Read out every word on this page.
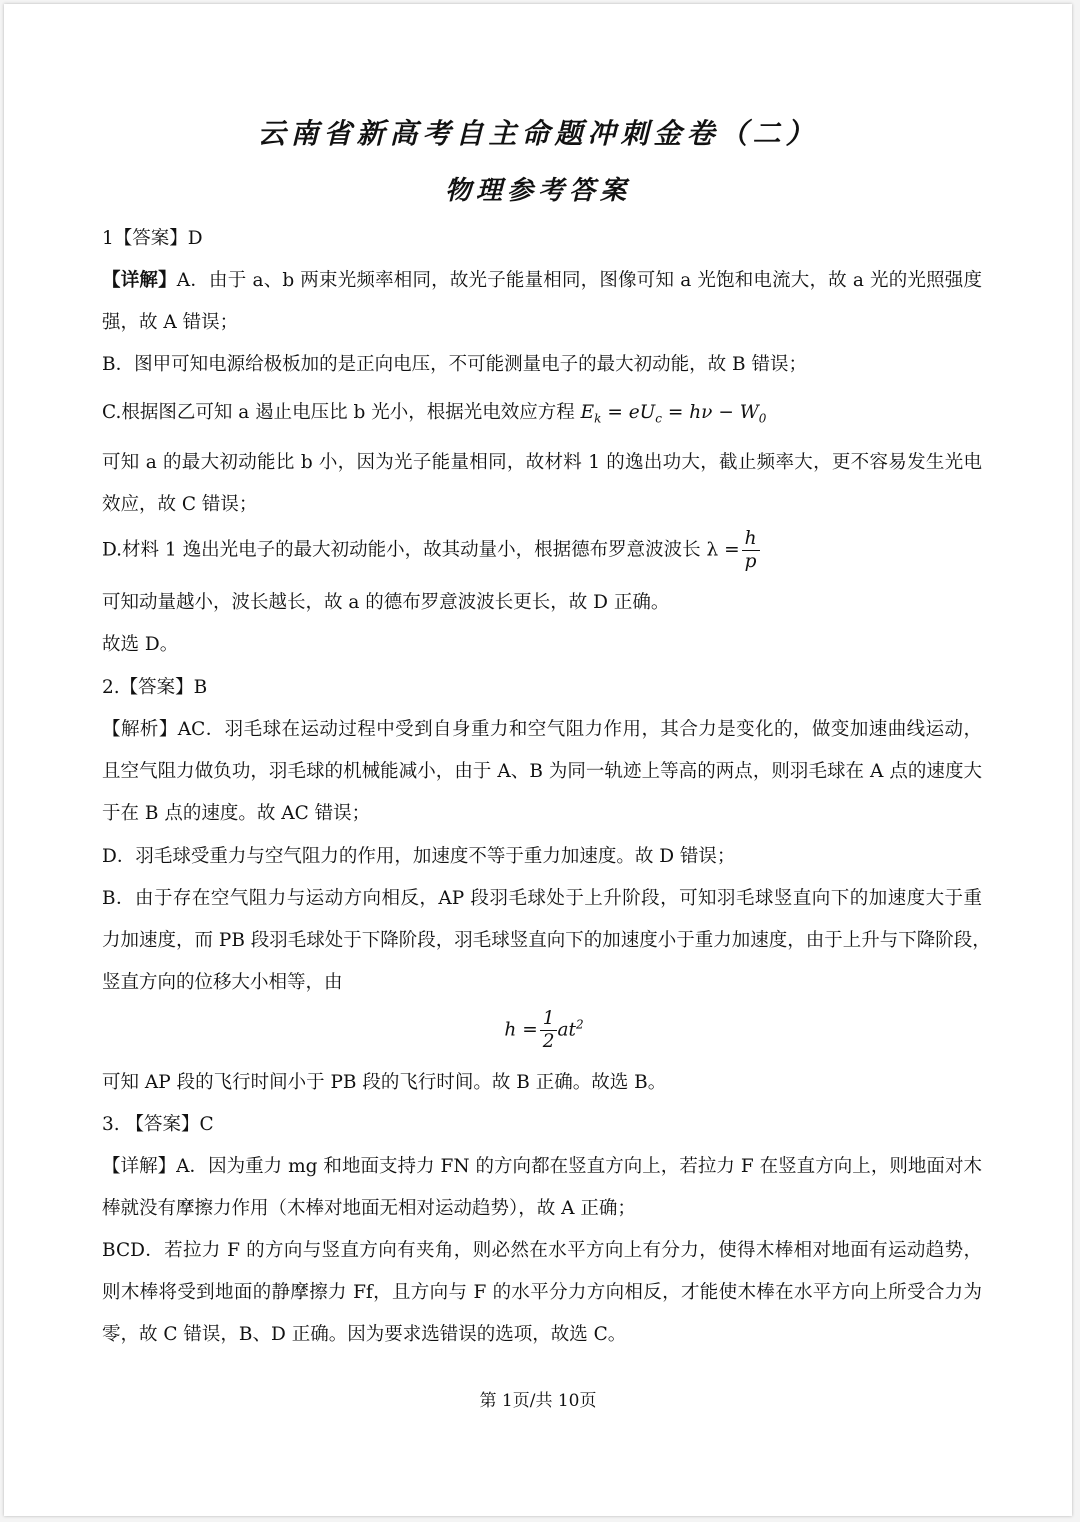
云南省新高考自主命题冲刺金卷（二）
物理参考答案
1【答案】D
【详解】A．由于 a、b 两束光频率相同，故光子能量相同，图像可知 a 光饱和电流大，故 a 光的光照强度
强，故 A 错误；
B．图甲可知电源给极板加的是正向电压，不可能测量电子的最大初动能，故 B 错误；
C.根据图乙可知 a 遏止电压比 b 光小，根据光电效应方程 $E_k = eU_c = h\nu - W_0$
可知 a 的最大初动能比 b 小，因为光子能量相同，故材料 1 的逸出功大，截止频率大，更不容易发生光电
效应，故 C 错误；
D.材料 1 逸出光电子的最大初动能小，故其动量小，根据德布罗意波波长 $\lambda = \frac{h}{p}$
可知动量越小，波长越长，故 a 的德布罗意波波长更长，故 D 正确。
故选 D。
2.【答案】B
【解析】AC．羽毛球在运动过程中受到自身重力和空气阻力作用，其合力是变化的，做变加速曲线运动，
且空气阻力做负功，羽毛球的机械能减小，由于 A、B 为同一轨迹上等高的两点，则羽毛球在 A 点的速度大
于在 B 点的速度。故 AC 错误；
D．羽毛球受重力与空气阻力的作用，加速度不等于重力加速度。故 D 错误；
B．由于存在空气阻力与运动方向相反，AP 段羽毛球处于上升阶段，可知羽毛球竖直向下的加速度大于重
力加速度，而 PB 段羽毛球处于下降阶段，羽毛球竖直向下的加速度小于重力加速度，由于上升与下降阶段，
竖直方向的位移大小相等，由
$h = \frac{1}{2} at^2$
可知 AP 段的飞行时间小于 PB 段的飞行时间。故 B 正确。故选 B。
3. 【答案】C
【详解】A．因为重力 mg 和地面支持力 FN 的方向都在竖直方向上，若拉力 F 在竖直方向上，则地面对木
棒就没有摩擦力作用（木棒对地面无相对运动趋势），故 A 正确；
BCD．若拉力 F 的方向与竖直方向有夹角，则必然在水平方向上有分力，使得木棒相对地面有运动趋势，
则木棒将受到地面的静摩擦力 Ff，且方向与 F 的水平分力方向相反，才能使木棒在水平方向上所受合力为
零，故 C 错误，B、D 正确。因为要求选错误的选项，故选 C。
第 1页/共 10页
